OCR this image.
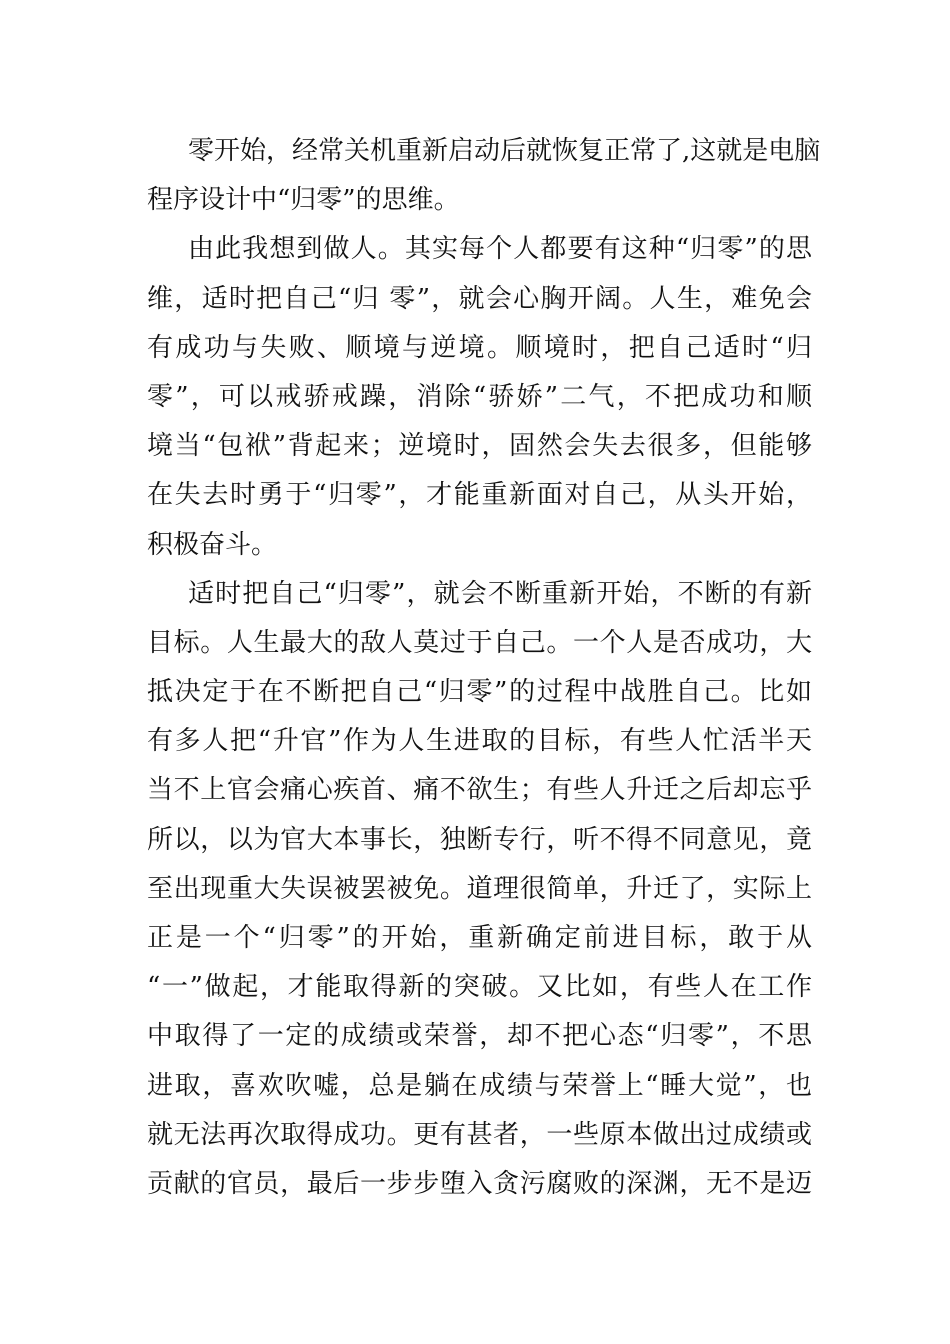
零开始，经常关机重新启动后就恢复正常了,这就是电脑
程序设计中“归零”的思维。
由此我想到做人。其实每个人都要有这种“归零”的思
维，适时把自己“归 零”，就会心胸开阔。人生，难免会
有成功与失败、顺境与逆境。顺境时，把自己适时“归
零”，可以戒骄戒躁，消除“骄娇”二气，不把成功和顺
境当“包袱”背起来；逆境时，固然会失去很多，但能够
在失去时勇于“归零”，才能重新面对自己，从头开始，
积极奋斗。
适时把自己“归零”，就会不断重新开始，不断的有新
目标。人生最大的敌人莫过于自己。一个人是否成功，大
抵决定于在不断把自己“归零”的过程中战胜自己。比如
有多人把“升官”作为人生进取的目标，有些人忙活半天
当不上官会痛心疾首、痛不欲生；有些人升迁之后却忘乎
所以，以为官大本事长，独断专行，听不得不同意见，竟
至出现重大失误被罢被免。道理很简单，升迁了，实际上
正是一个“归零”的开始，重新确定前进目标，敢于从
“一”做起，才能取得新的突破。又比如，有些人在工作
中取得了一定的成绩或荣誉，却不把心态“归零”，不思
进取，喜欢吹嘘，总是躺在成绩与荣誉上“睡大觉”，也
就无法再次取得成功。更有甚者，一些原本做出过成绩或
贡献的官员，最后一步步堕入贪污腐败的深渊，无不是迈
